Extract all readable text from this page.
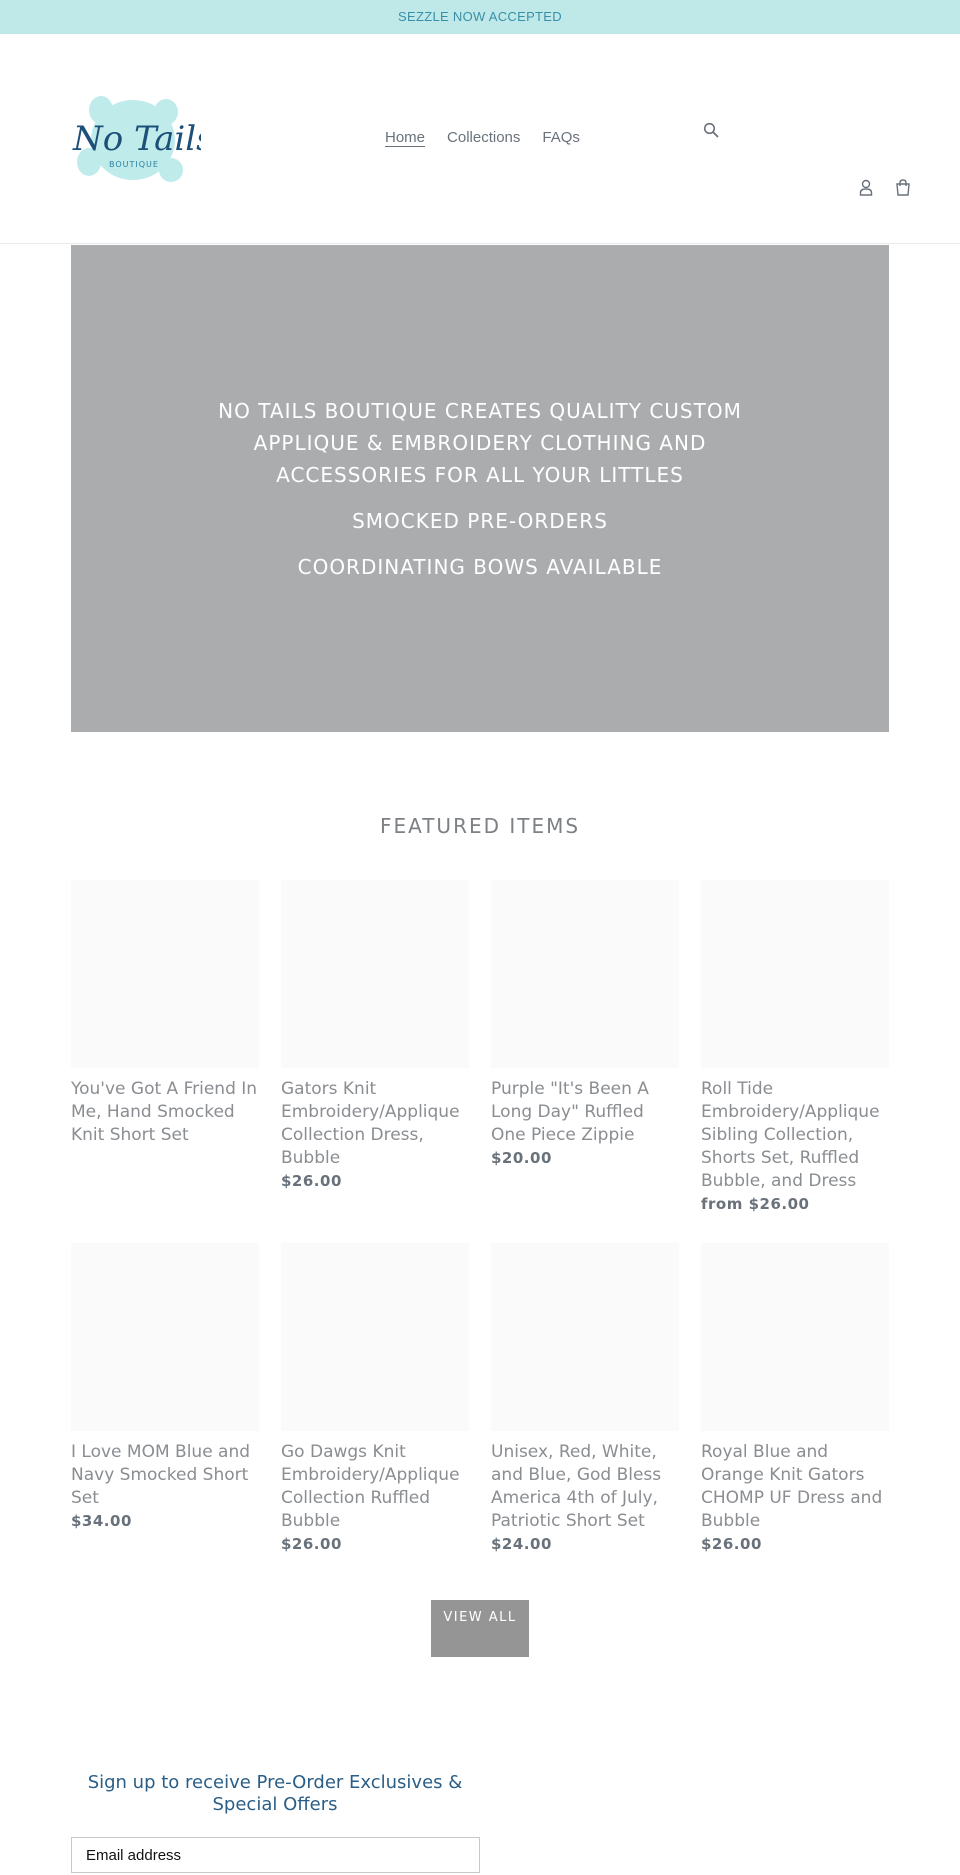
SEZZLE NOW ACCEPTED
No Tails
BOUTIQUE
Home Collections FAQs
NO TAILS BOUTIQUE CREATES QUALITY CUSTOM APPLIQUE & EMBROIDERY CLOTHING AND ACCESSORIES FOR ALL YOUR LITTLES
SMOCKED PRE-ORDERS
COORDINATING BOWS AVAILABLE
FEATURED ITEMS
You've Got A Friend In Me, Hand Smocked Knit Short Set
Gators Knit Embroidery/Applique Collection Dress, Bubble
$26.00
Purple "It's Been A Long Day" Ruffled One Piece Zippie
$20.00
Roll Tide Embroidery/Applique Sibling Collection, Shorts Set, Ruffled Bubble, and Dress
from $26.00
I Love MOM Blue and Navy Smocked Short Set
$34.00
Go Dawgs Knit Embroidery/Applique Collection Ruffled Bubble
$26.00
Unisex, Red, White, and Blue, God Bless America 4th of July, Patriotic Short Set
$24.00
Royal Blue and Orange Knit Gators CHOMP UF Dress and Bubble
$26.00
VIEW ALL
Sign up to receive Pre-Order Exclusives & Special Offers
Email address
